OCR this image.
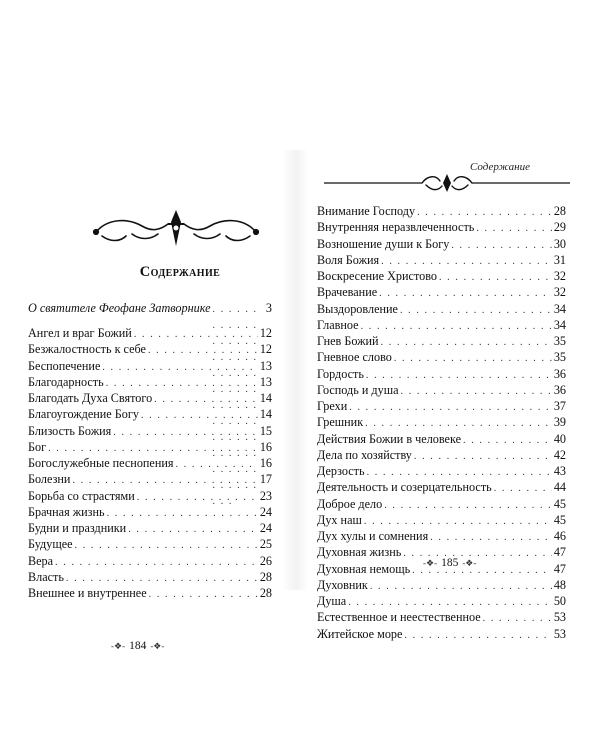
Содержание
О святителе Феофане Затворнике . . .	3
Ангел и враг Божий . . .	12
Безжалостность к себе . . .	12
Беспопечение . . .	13
Благодарность . . .	13
Благодать Духа Святого . . .	14
Благоугождение Богу . . .	14
Близость Божия . . .	15
Бог . . .	16
Богослужебные песнопения . . .	16
Болезни . . .	17
Борьба со страстями . . .	23
Брачная жизнь . . .	24
Будни и праздники . . .	24
Будущее . . .	25
Вера . . .	26
Власть . . .	28
Внешнее и внутреннее . . .	28
-❖- 184 -❖-
Содержание
Внимание Господу . . .	28
Внутренняя неразвлеченность . . .	29
Возношение души к Богу . . .	30
Воля Божия . . .	31
Воскресение Христово . . .	32
Врачевание . . .	32
Выздоровление . . .	34
Главное . . .	34
Гнев Божий . . .	35
Гневное слово . . .	35
Гордость . . .	36
Господь и душа . . .	36
Грехи . . .	37
Грешник . . .	39
Действия Божии в человеке . . .	40
Дела по хозяйству . . .	42
Дерзость . . .	43
Деятельность и созерцательность . . .	44
Доброе дело . . .	45
Дух наш . . .	45
Дух хулы и сомнения . . .	46
Духовная жизнь . . .	47
Духовная немощь . . .	47
Духовник . . .	48
Душа . . .	50
Естественное и неестественное . . .	53
Житейское море . . .	53
-❖- 185 -❖-
